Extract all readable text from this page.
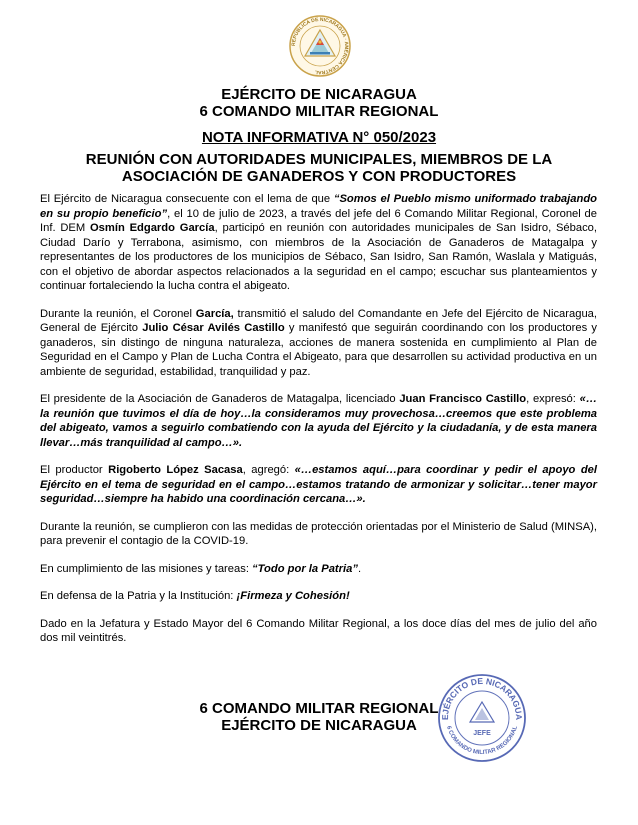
REPÚBLICA DE NICARAGUA · AMÉRICA CENTRAL
EJÉRCITO DE NICARAGUA
6 COMANDO MILITAR REGIONAL
NOTA INFORMATIVA N° 050/2023
REUNIÓN CON AUTORIDADES MUNICIPALES, MIEMBROS DE LA
ASOCIACIÓN DE GANADEROS Y CON PRODUCTORES

El Ejército de Nicaragua consecuente con el lema de que “Somos el Pueblo mismo uniformado trabajando en su propio beneficio”, el 10 de julio de 2023, a través del jefe del 6 Comando Militar Regional, Coronel de Inf. DEM Osmín Edgardo García, participó en reunión con autoridades municipales de San Isidro, Sébaco, Ciudad Darío y Terrabona, asimismo, con miembros de la Asociación de Ganaderos de Matagalpa y representantes de los productores de los municipios de Sébaco, San Isidro, San Ramón, Waslala y Matiguás, con el objetivo de abordar aspectos relacionados a la seguridad en el campo; escuchar sus planteamientos y continuar fortaleciendo la lucha contra el abigeato.

Durante la reunión, el Coronel García, transmitió el saludo del Comandante en Jefe del Ejército de Nicaragua, General de Ejército Julio César Avilés Castillo y manifestó que seguirán coordinando con los productores y ganaderos, sin distingo de ninguna naturaleza, acciones de manera sostenida en cumplimiento al Plan de Seguridad en el Campo y Plan de Lucha Contra el Abigeato, para que desarrollen su actividad productiva en un ambiente de seguridad, estabilidad, tranquilidad y paz.

El presidente de la Asociación de Ganaderos de Matagalpa, licenciado Juan Francisco Castillo, expresó: «…la reunión que tuvimos el día de hoy…la consideramos muy provechosa…creemos que este problema del abigeato, vamos a seguirlo combatiendo con la ayuda del Ejército y la ciudadanía, y de esta manera llevar…más tranquilidad al campo…».

El productor Rigoberto López Sacasa, agregó: «…estamos aquí…para coordinar y pedir el apoyo del Ejército en el tema de seguridad en el campo…estamos tratando de armonizar y solicitar…tener mayor seguridad…siempre ha habido una coordinación cercana…».

Durante la reunión, se cumplieron con las medidas de protección orientadas por el Ministerio de Salud (MINSA), para prevenir el contagio de la COVID-19.

En cumplimiento de las misiones y tareas: “Todo por la Patria”.

En defensa de la Patria y la Institución: ¡Firmeza y Cohesión!

Dado en la Jefatura y Estado Mayor del 6 Comando Militar Regional, a los doce días del mes de julio del año dos mil veintitrés.

6 COMANDO MILITAR REGIONAL
EJÉRCITO DE NICARAGUA	EJÉRCITO DE NICARAGUA
6 COMANDO MILITAR REGIONAL
JEFE
